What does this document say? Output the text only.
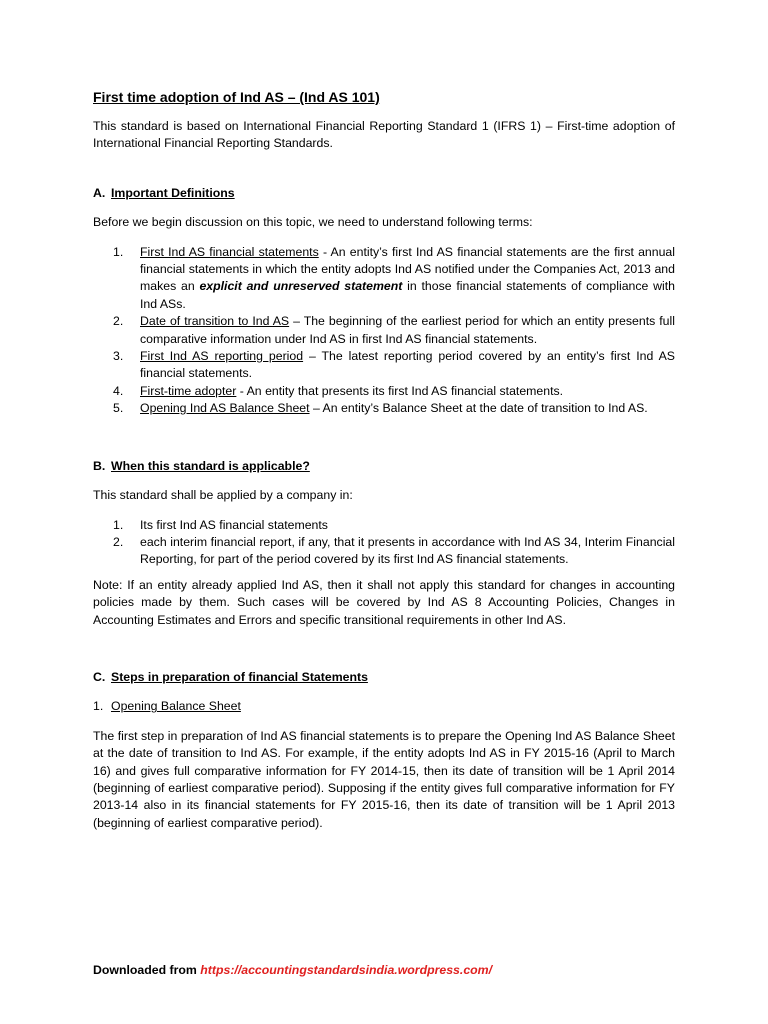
First time adoption of Ind AS – (Ind AS 101)

This standard is based on International Financial Reporting Standard 1 (IFRS 1) – First-time adoption of International Financial Reporting Standards.

A. Important Definitions

Before we begin discussion on this topic, we need to understand following terms:

1.	First Ind AS financial statements - An entity’s first Ind AS financial statements are the first annual financial statements in which the entity adopts Ind AS notified under the Companies Act, 2013 and makes an explicit and unreserved statement in those financial statements of compliance with Ind ASs.
2.	Date of transition to Ind AS – The beginning of the earliest period for which an entity presents full comparative information under Ind AS in first Ind AS financial statements.
3.	First Ind AS reporting period – The latest reporting period covered by an entity’s first Ind AS financial statements.
4.	First-time adopter - An entity that presents its first Ind AS financial statements.
5.	Opening Ind AS Balance Sheet – An entity’s Balance Sheet at the date of transition to Ind AS.
B. When this standard is applicable?

This standard shall be applied by a company in:

1.	Its first Ind AS financial statements
2.	each interim financial report, if any, that it presents in accordance with Ind AS 34, Interim Financial Reporting, for part of the period covered by its first Ind AS financial statements.

Note: If an entity already applied Ind AS, then it shall not apply this standard for changes in accounting policies made by them. Such cases will be covered by Ind AS 8 Accounting Policies, Changes in Accounting Estimates and Errors and specific transitional requirements in other Ind AS.

C. Steps in preparation of financial Statements
1. Opening Balance Sheet

The first step in preparation of Ind AS financial statements is to prepare the Opening Ind AS Balance Sheet at the date of transition to Ind AS. For example, if the entity adopts Ind AS in FY 2015-16 (April to March 16) and gives full comparative information for FY 2014-15, then its date of transition will be 1 April 2014 (beginning of earliest comparative period). Supposing if the entity gives full comparative information for FY 2013-14 also in its financial statements for FY 2015-16, then its date of transition will be 1 April 2013 (beginning of earliest comparative period).

Downloaded from https://accountingstandardsindia.wordpress.com/
